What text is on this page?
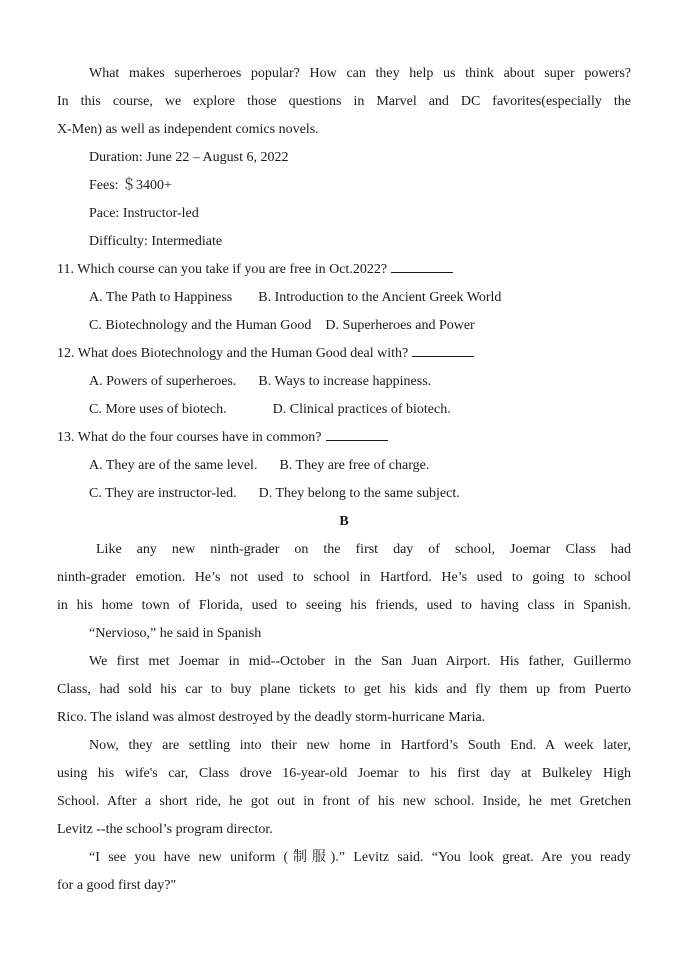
What makes superheroes popular? How can they help us think about super powers?
In this course, we explore those questions in Marvel and DC favorites(especially the
X-Men) as well as independent comics novels.
Duration: June 22 – August 6, 2022
Fees: ＄3400+
Pace: Instructor-led
Difficulty: Intermediate
11. Which course can you take if you are free in Oct.2022?
A. The Path to Happiness B. Introduction to the Ancient Greek World
C. Biotechnology and the Human Good D. Superheroes and Power
12. What does Biotechnology and the Human Good deal with?
A. Powers of superheroes. B. Ways to increase happiness.
C. More uses of biotech.	D. Clinical practices of biotech.
13. What do the four courses have in common?
A. They are of the same level. B. They are free of charge.
C. They are instructor-led. D. They belong to the same subject.
B
Like any new ninth-grader on the first day of school, Joemar Class had
ninth-grader emotion. He’s not used to school in Hartford. He’s used to going to school
in his home town of Florida, used to seeing his friends, used to having class in Spanish.
“Nervioso,” he said in Spanish
We first met Joemar in mid--October in the San Juan Airport. His father, Guillermo
Class, had sold his car to buy plane tickets to get his kids and fly them up from Puerto
Rico. The island was almost destroyed by the deadly storm-hurricane Maria.
Now, they are settling into their new home in Hartford’s South End. A week later,
using his wife's car, Class drove 16-year-old Joemar to his first day at Bulkeley High
School. After a short ride, he got out in front of his new school. Inside, he met Gretchen
Levitz --the school’s program director.
“I see you have new uniform (制服).” Levitz said. “You look great. Are you ready
for a good first day?"
